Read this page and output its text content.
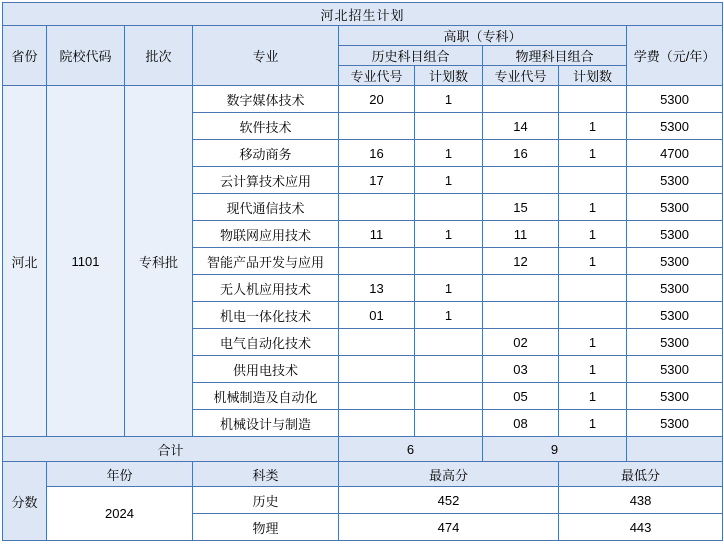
河北招生计划								
省份	院校代码	批次	专业	高职（专科）				学费（元/年）
				历史科目组合		物理科目组合		
				专业代号	计划数	专业代号	计划数	
河北	1101	专科批	数字媒体技术	20	1			5300
			软件技术			14	1	5300
			移动商务	16	1	16	1	4700
			云计算技术应用	17	1			5300
			现代通信技术			15	1	5300
			物联网应用技术	11	1	11	1	5300
			智能产品开发与应用			12	1	5300
			无人机应用技术	13	1			5300
			机电一体化技术	01	1			5300
			电气自动化技术			02	1	5300
			供用电技术			03	1	5300
			机械制造及自动化			05	1	5300
			机械设计与制造			08	1	5300
合计				6		9		
分数	年份		科类	最高分			最低分	
	2024		历史	452			438	
			物理	474			443	
